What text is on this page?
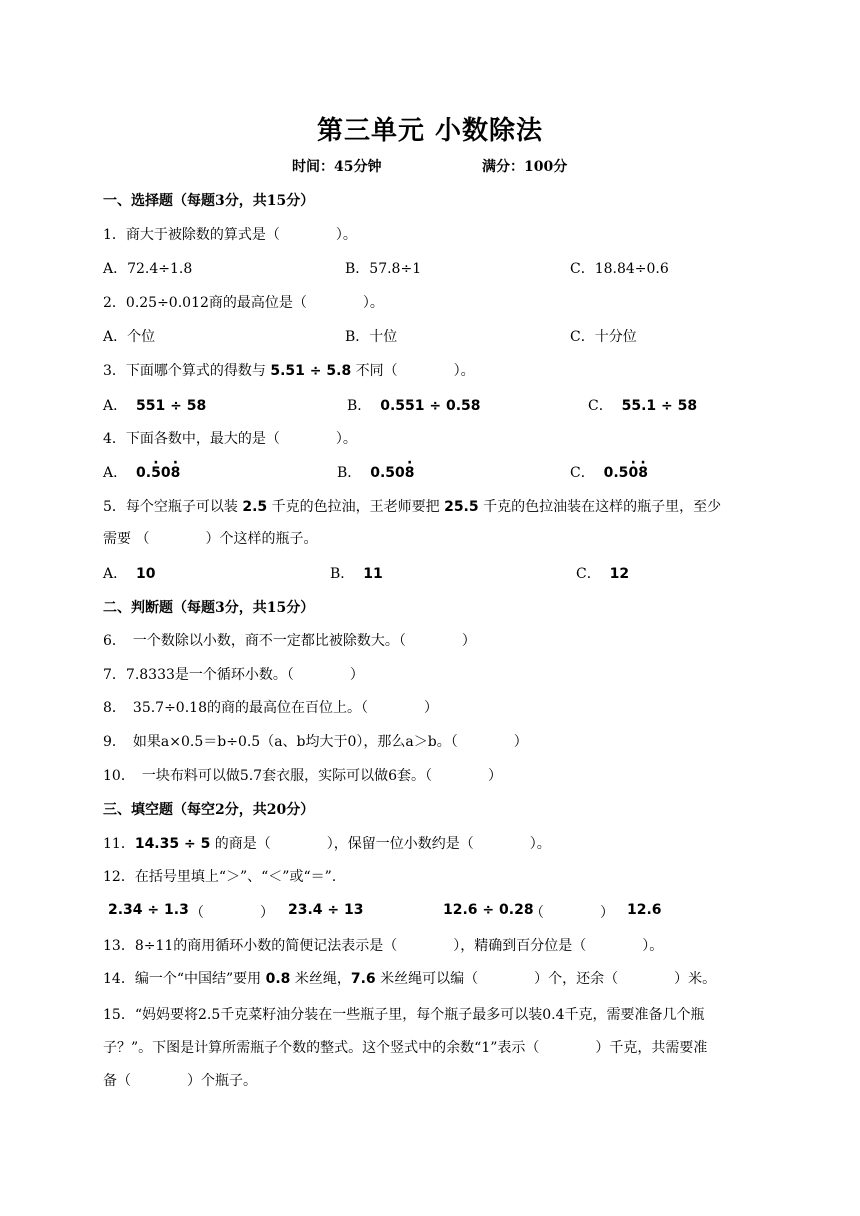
第三单元 小数除法
时间：45分钟	满分：100分
一、选择题（每题3分，共15分）
1．商大于被除数的算式是（　　　　）。
A．72.4÷1.8	B．57.8÷1	C．18.84÷0.6
2．0.25÷0.012商的最高位是（　　　　）。
A．个位	B．十位	C．十分位
3．下面哪个算式的得数与 5.51 ÷ 5.8 不同（　　　　）。
A． 551 ÷ 58	B． 0.551 ÷ 0.58	C． 55.1 ÷ 58
4．下面各数中，最大的是（　　　　）。
A． 0.· 50· 8	B． 0.50· 8	C． 0.5· 0· 8
5．每个空瓶子可以装 2.5 千克的色拉油，王老师要把 25.5 千克的色拉油装在这样的瓶子里，至少
需要 （　　　　）个这样的瓶子。
A． 10	B． 11	C． 12
二、判断题（每题3分，共15分）
6．　一个数除以小数，商不一定都比被除数大。（　　　　）
7．7.8333是一个循环小数。（　　　　）
8．　35.7÷0.18的商的最高位在百位上。（　　　　）
9．　如果a×0.5＝b÷0.5（a、b均大于0），那么a＞b。（　　　　）
10．　一块布料可以做5.7套衣服，实际可以做6套。（　　　　）
三、填空题（每空2分，共20分）
11．14.35 ÷ 5 的商是（　　　　），保留一位小数约是（　　　　）。
12．在括号里填上“＞”、“＜”或“＝”.
2.34 ÷ 1.3 （　　　　） 23.4 ÷ 13	12.6 ÷ 0.28
（　　　　） 12.6
13．8÷11的商用循环小数的简便记法表示是（　　　　），精确到百分位是（　　　　）。
14．编一个“中国结”要用 0.8 米丝绳，7.6 米丝绳可以编（　　　　）个，还余（　　　　）米。
15．“妈妈要将2.5千克菜籽油分装在一些瓶子里，每个瓶子最多可以装0.4千克，需要准备几个瓶
子？”。下图是计算所需瓶子个数的整式。这个竖式中的余数“1”表示（　　　　）千克，共需要准
备（　　　　）个瓶子。
